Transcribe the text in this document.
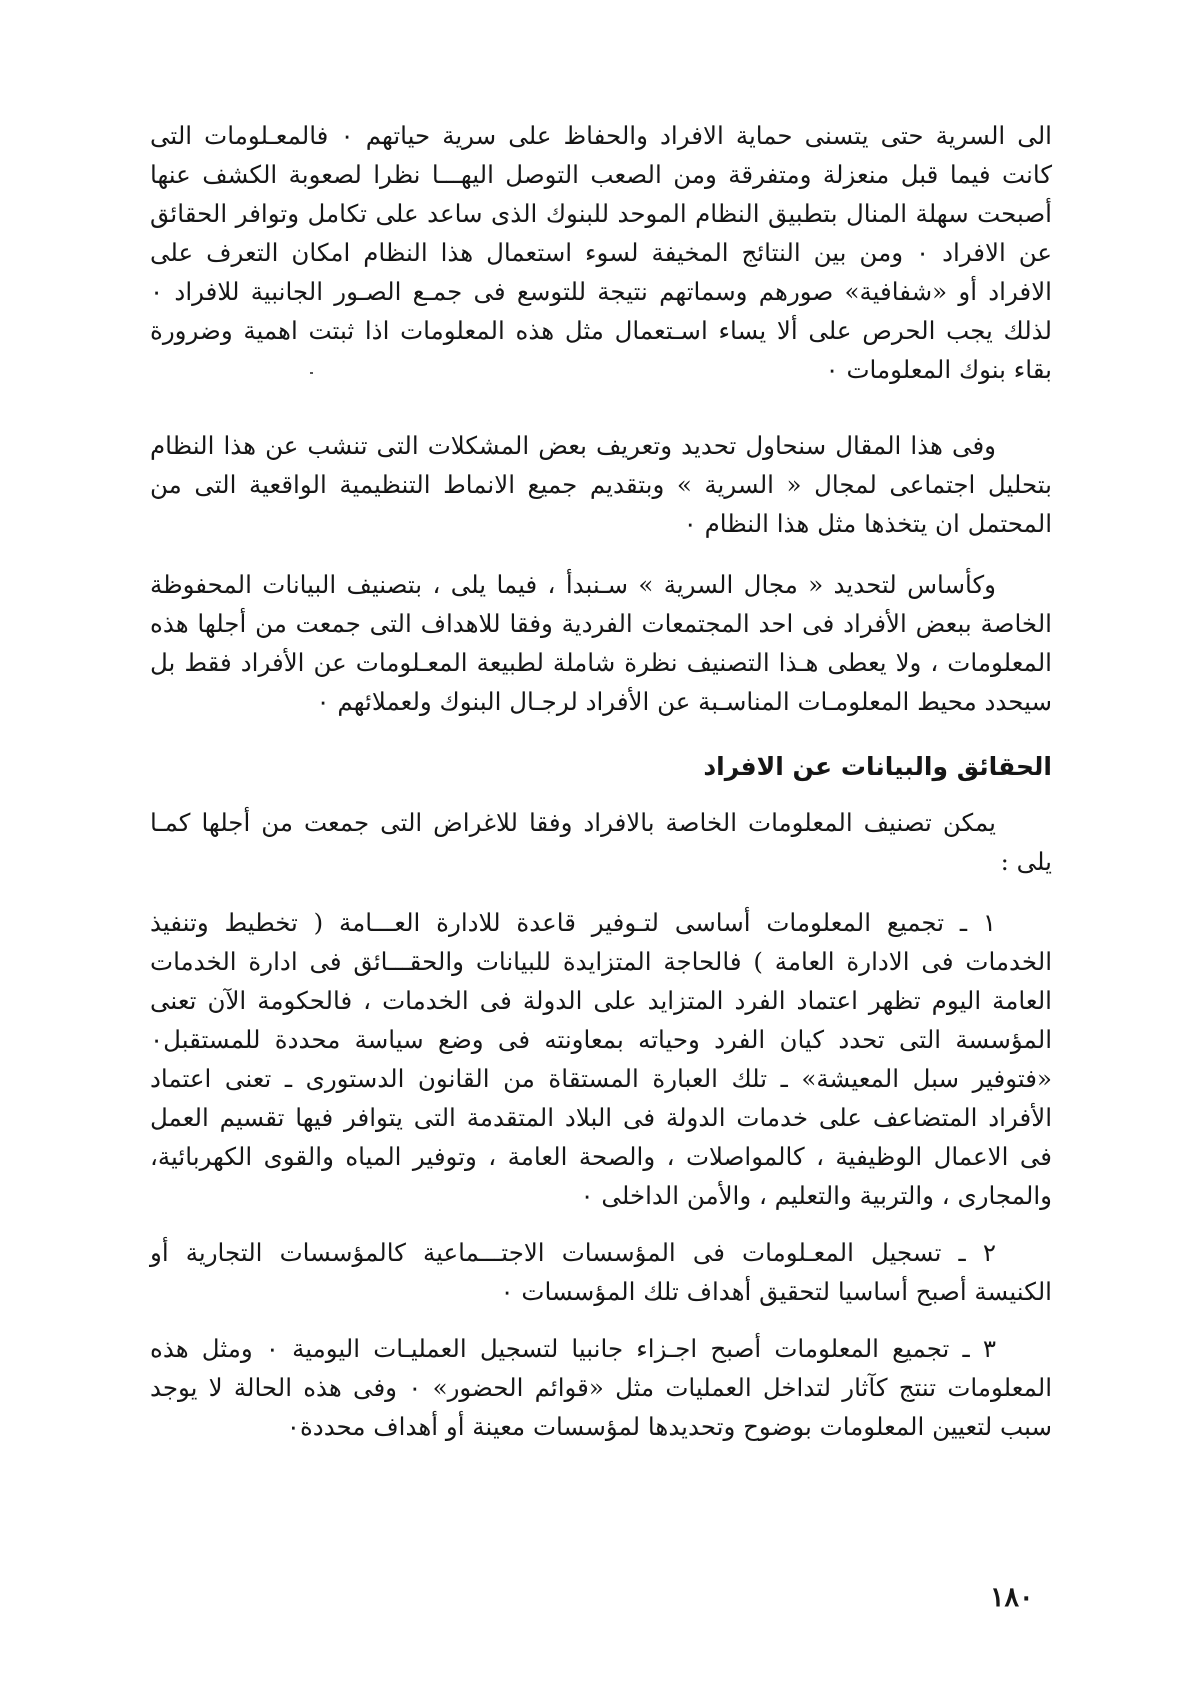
الى السرية حتى يتسنى حماية الافراد والحفاظ على سرية حياتهم ٠ فالمعـلومات التى كانت فيما قبل منعزلة ومتفرقة ومن الصعب التوصل اليهـــا نظرا لصعوبة الكشف عنها أصبحت سهلة المنال بتطبيق النظام الموحد للبنوك الذى ساعد على تكامل وتوافر الحقائق عن الافراد ٠ ومن بين النتائج المخيفة لسوء استعمال هذا النظام امكان التعرف على الافراد أو «شفافية» صورهم وسماتهم نتيجة للتوسع فى جمـع الصـور الجانبية للافراد ٠ لذلك يجب الحرص على ألا يساء اسـتعمال مثل هذه المعلومات اذا ثبتت اهمية وضرورة بقاء بنوك المعلومات ٠

وفى هذا المقال سنحاول تحديد وتعريف بعض المشكلات التى تنشب عن هذا النظام بتحليل اجتماعى لمجال « السرية » وبتقديم جميع الانماط التنظيمية الواقعية التى من المحتمل ان يتخذها مثل هذا النظام ٠

وكأساس لتحديد « مجال السرية » سـنبدأ ، فيما يلى ، بتصنيف البيانات المحفوظة الخاصة ببعض الأفراد فى احد المجتمعات الفردية وفقا للاهداف التى جمعت من أجلها هذه المعلومات ، ولا يعطى هـذا التصنيف نظرة شاملة لطبيعة المعـلومات عن الأفراد فقط بل سيحدد محيط المعلومـات المناسـبة عن الأفراد لرجـال البنوك ولعملائهم ٠

الحقائق والبيانات عن الافراد

يمكن تصنيف المعلومات الخاصة بالافراد وفقا للاغراض التى جمعت من أجلها كمـا يلى :

١ ـ تجميع المعلومات أساسى لتـوفير قاعدة للادارة العـــامة ( تخطيط وتنفيذ الخدمات فى الادارة العامة ) فالحاجة المتزايدة للبيانات والحقـــائق فى ادارة الخدمات العامة اليوم تظهر اعتماد الفرد المتزايد على الدولة فى الخدمات ، فالحكومة الآن تعنى المؤسسة التى تحدد كيان الفرد وحياته بمعاونته فى وضع سياسة محددة للمستقبل٠ «فتوفير سبل المعيشة» ـ تلك العبارة المستقاة من القانون الدستورى ـ تعنى اعتماد الأفراد المتضاعف على خدمات الدولة فى البلاد المتقدمة التى يتوافر فيها تقسيم العمل فى الاعمال الوظيفية ، كالمواصلات ، والصحة العامة ، وتوفير المياه والقوى الكهربائية، والمجارى ، والتربية والتعليم ، والأمن الداخلى ٠

٢ ـ تسجيل المعـلومات فى المؤسسات الاجتـــماعية كالمؤسسات التجارية أو الكنيسة أصبح أساسيا لتحقيق أهداف تلك المؤسسات ٠

٣ ـ تجميع المعلومات أصبح اجـزاء جانبيا لتسجيل العمليـات اليومية ٠ ومثل هذه المعلومات تنتج كآثار لتداخل العمليات مثل «قوائم الحضور» ٠ وفى هذه الحالة لا يوجد سبب لتعيين المعلومات بوضوح وتحديدها لمؤسسات معينة أو أهداف محددة٠

١٨٠
